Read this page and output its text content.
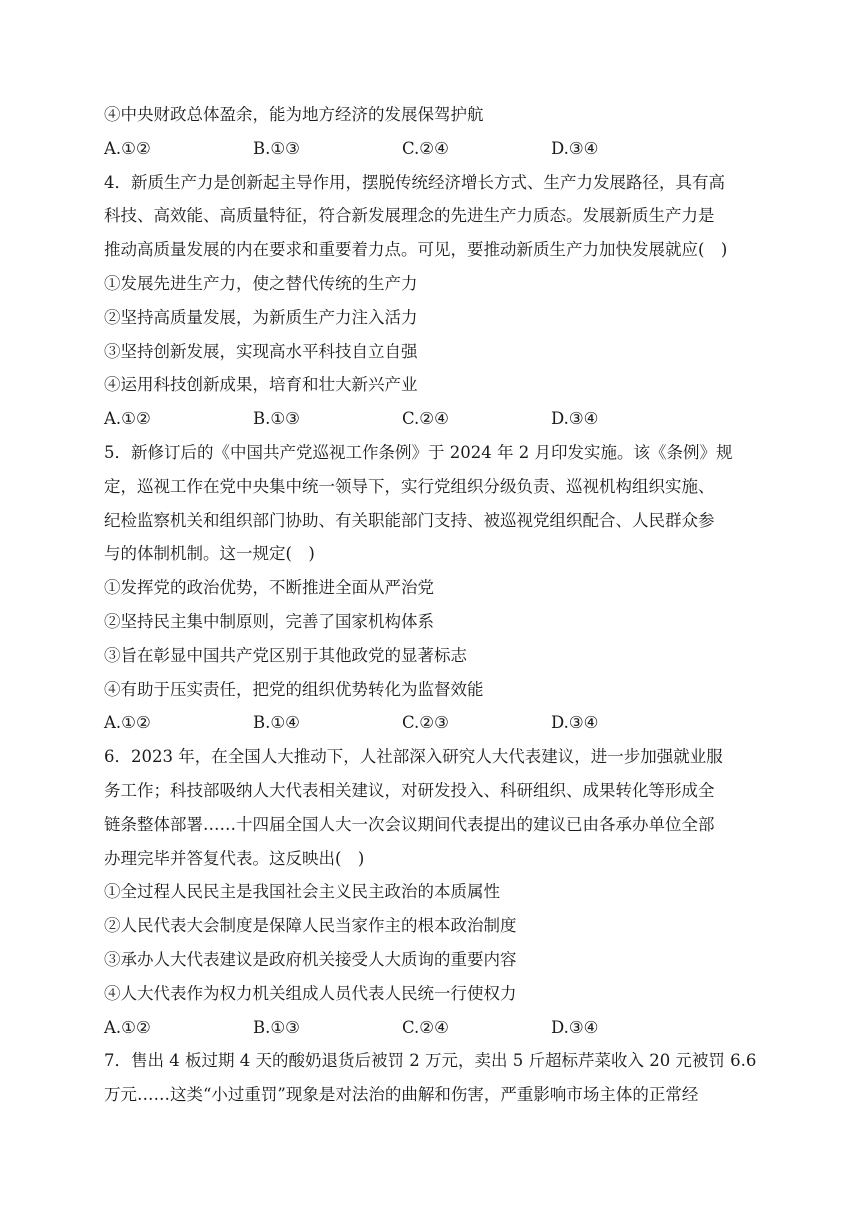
④中央财政总体盈余，能为地方经济的发展保驾护航
A.①②	B.①③	C.②④	D.③④
4．新质生产力是创新起主导作用，摆脱传统经济增长方式、生产力发展路径，具有高
科技、高效能、高质量特征，符合新发展理念的先进生产力质态。发展新质生产力是
推动高质量发展的内在要求和重要着力点。可见，要推动新质生产力加快发展就应(　)
①发展先进生产力，使之替代传统的生产力
②坚持高质量发展，为新质生产力注入活力
③坚持创新发展，实现高水平科技自立自强
④运用科技创新成果，培育和壮大新兴产业
A.①②	B.①③	C.②④	D.③④
5．新修订后的《中国共产党巡视工作条例》于 2024 年 2 月印发实施。该《条例》规
定，巡视工作在党中央集中统一领导下，实行党组织分级负责、巡视机构组织实施、
纪检监察机关和组织部门协助、有关职能部门支持、被巡视党组织配合、人民群众参
与的体制机制。这一规定(　)
①发挥党的政治优势，不断推进全面从严治党
②坚持民主集中制原则，完善了国家机构体系
③旨在彰显中国共产党区别于其他政党的显著标志
④有助于压实责任，把党的组织优势转化为监督效能
A.①②	B.①④	C.②③	D.③④
6．2023 年，在全国人大推动下，人社部深入研究人大代表建议，进一步加强就业服
务工作；科技部吸纳人大代表相关建议，对研发投入、科研组织、成果转化等形成全
链条整体部署……十四届全国人大一次会议期间代表提出的建议已由各承办单位全部
办理完毕并答复代表。这反映出(　)
①全过程人民民主是我国社会主义民主政治的本质属性
②人民代表大会制度是保障人民当家作主的根本政治制度
③承办人大代表建议是政府机关接受人大质询的重要内容
④人大代表作为权力机关组成人员代表人民统一行使权力
A.①②	B.①③	C.②④	D.③④
7．售出 4 板过期 4 天的酸奶退货后被罚 2 万元，卖出 5 斤超标芹菜收入 20 元被罚 6.6
万元……这类“小过重罚”现象是对法治的曲解和伤害，严重影响市场主体的正常经
